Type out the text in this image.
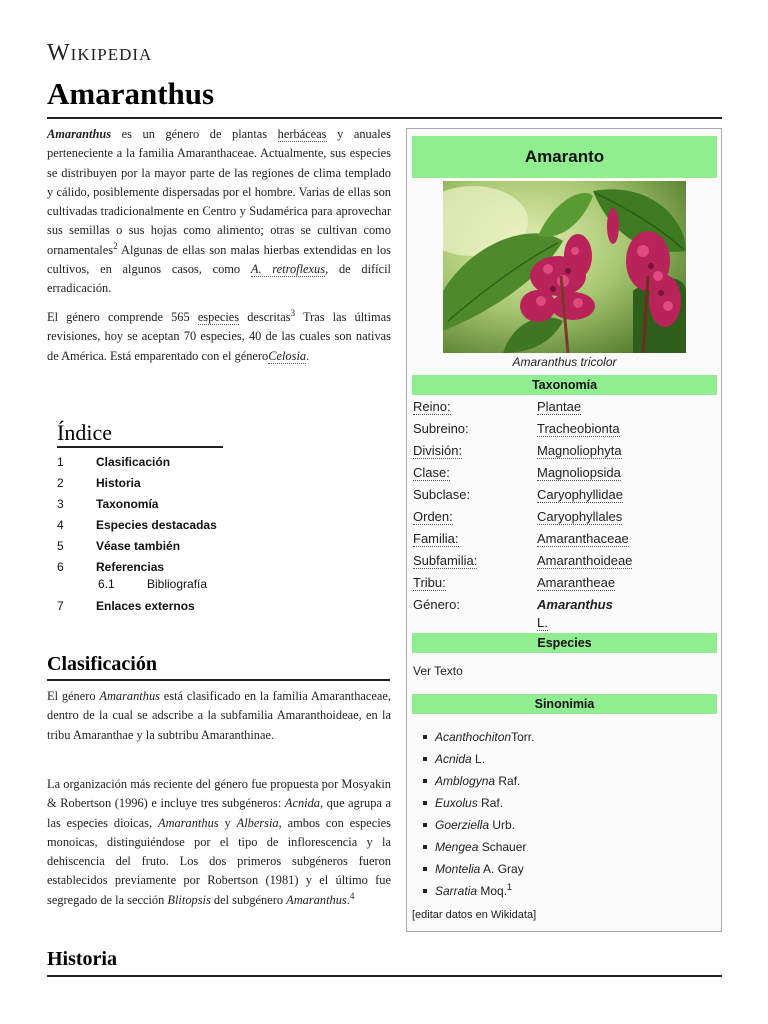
Wikipedia
Amaranthus

Amaranthus es un género de plantas herbáceas y anuales perteneciente a la familia Amaranthaceae. Actualmente, sus especies se distribuyen por la mayor parte de las regiones de clima templado y cálido, posiblemente dispersadas por el hombre. Varias de ellas son cultivadas tradicionalmente en Centro y Sudamérica para aprovechar sus semillas o sus hojas como alimento; otras se cultivan como ornamentales$^2$ Algunas de ellas son malas hierbas extendidas en los cultivos, en algunos casos, como A. retroflexus, de difícil erradicación.

El género comprende 565 especies descritas$^3$ Tras las últimas revisiones, hoy se aceptan 70 especies, 40 de las cuales son nativas de América. Está emparentado con el géneroCelosia.

Índice
1	Clasificación
2	Historia
3	Taxonomía
4	Especies destacadas
5	Véase también
6	Referencias
6.1	Bibliografía
7	Enlaces externos
Clasificación

El género Amaranthus está clasificado en la familia Amaranthaceae, dentro de la cual se adscribe a la subfamilia Amaranthoideae, en la tribu Amaranthae y la subtribu Amaranthinae.

La organización más reciente del género fue propuesta por Mosyakin & Robertson (1996) e incluye tres subgéneros: Acnida, que agrupa a las especies dioicas, Amaranthus y Albersia, ambos con especies monoicas, distinguiéndose por el tipo de inflorescencia y la dehiscencia del fruto. Los dos primeros subgéneros fueron establecidos previamente por Robertson (1981) y el último fue segregado de la sección Blitopsis del subgénero Amaranthus.$^4$

Historia
Amaranto
Amaranthus tricolor
Taxonomía
Reino:	Plantae
Subreino:	Tracheobionta
División:	Magnoliophyta
Clase:	Magnoliopsida
Subclase:	Caryophyllidae
Orden:	Caryophyllales
Familia:	Amaranthaceae
Subfamilia:	Amaranthoideae
Tribu:	Amarantheae
Género:	Amaranthus
L.
Especies
Ver Texto
Sinonimia
AcanthochitonTorr.
Acnida L.
Amblogyna Raf.
Euxolus Raf.
Goerziella Urb.
Mengea Schauer
Montelia A. Gray
Sarratia Moq.$^1$
[editar datos en Wikidata]
